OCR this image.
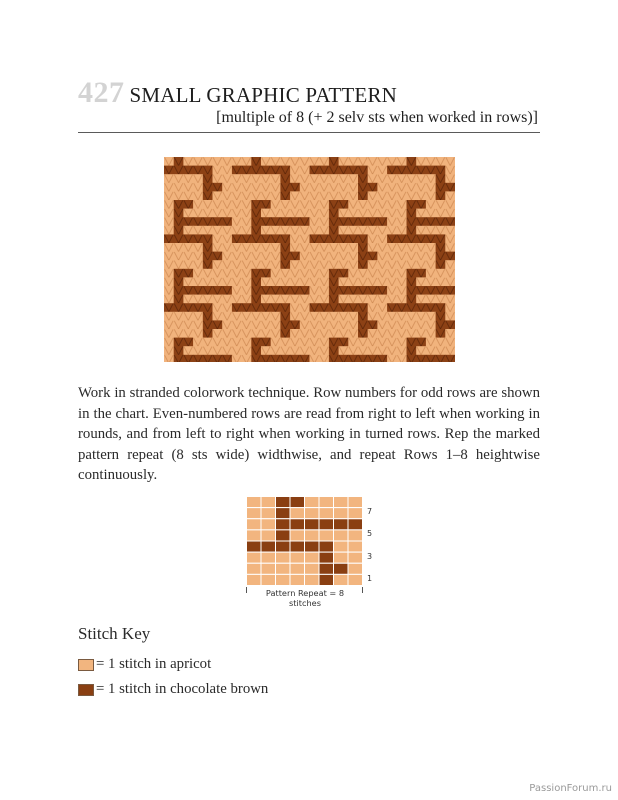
427 SMALL GRAPHIC PATTERN
[multiple of 8 (+ 2 selv sts when worked in rows)]

Work in stranded colorwork technique. Row numbers for odd rows are shown in the chart. Even-numbered rows are read from right to left when working in rounds, and from left to right when working in turned rows. Rep the marked pattern repeat (8 sts wide) widthwise, and repeat Rows 1–8 heightwise continuously.

7
5
3
1
Pattern Repeat = 8 stitches
Stitch Key
= 1 stitch in apricot
= 1 stitch in chocolate brown
PassionForum.ru
